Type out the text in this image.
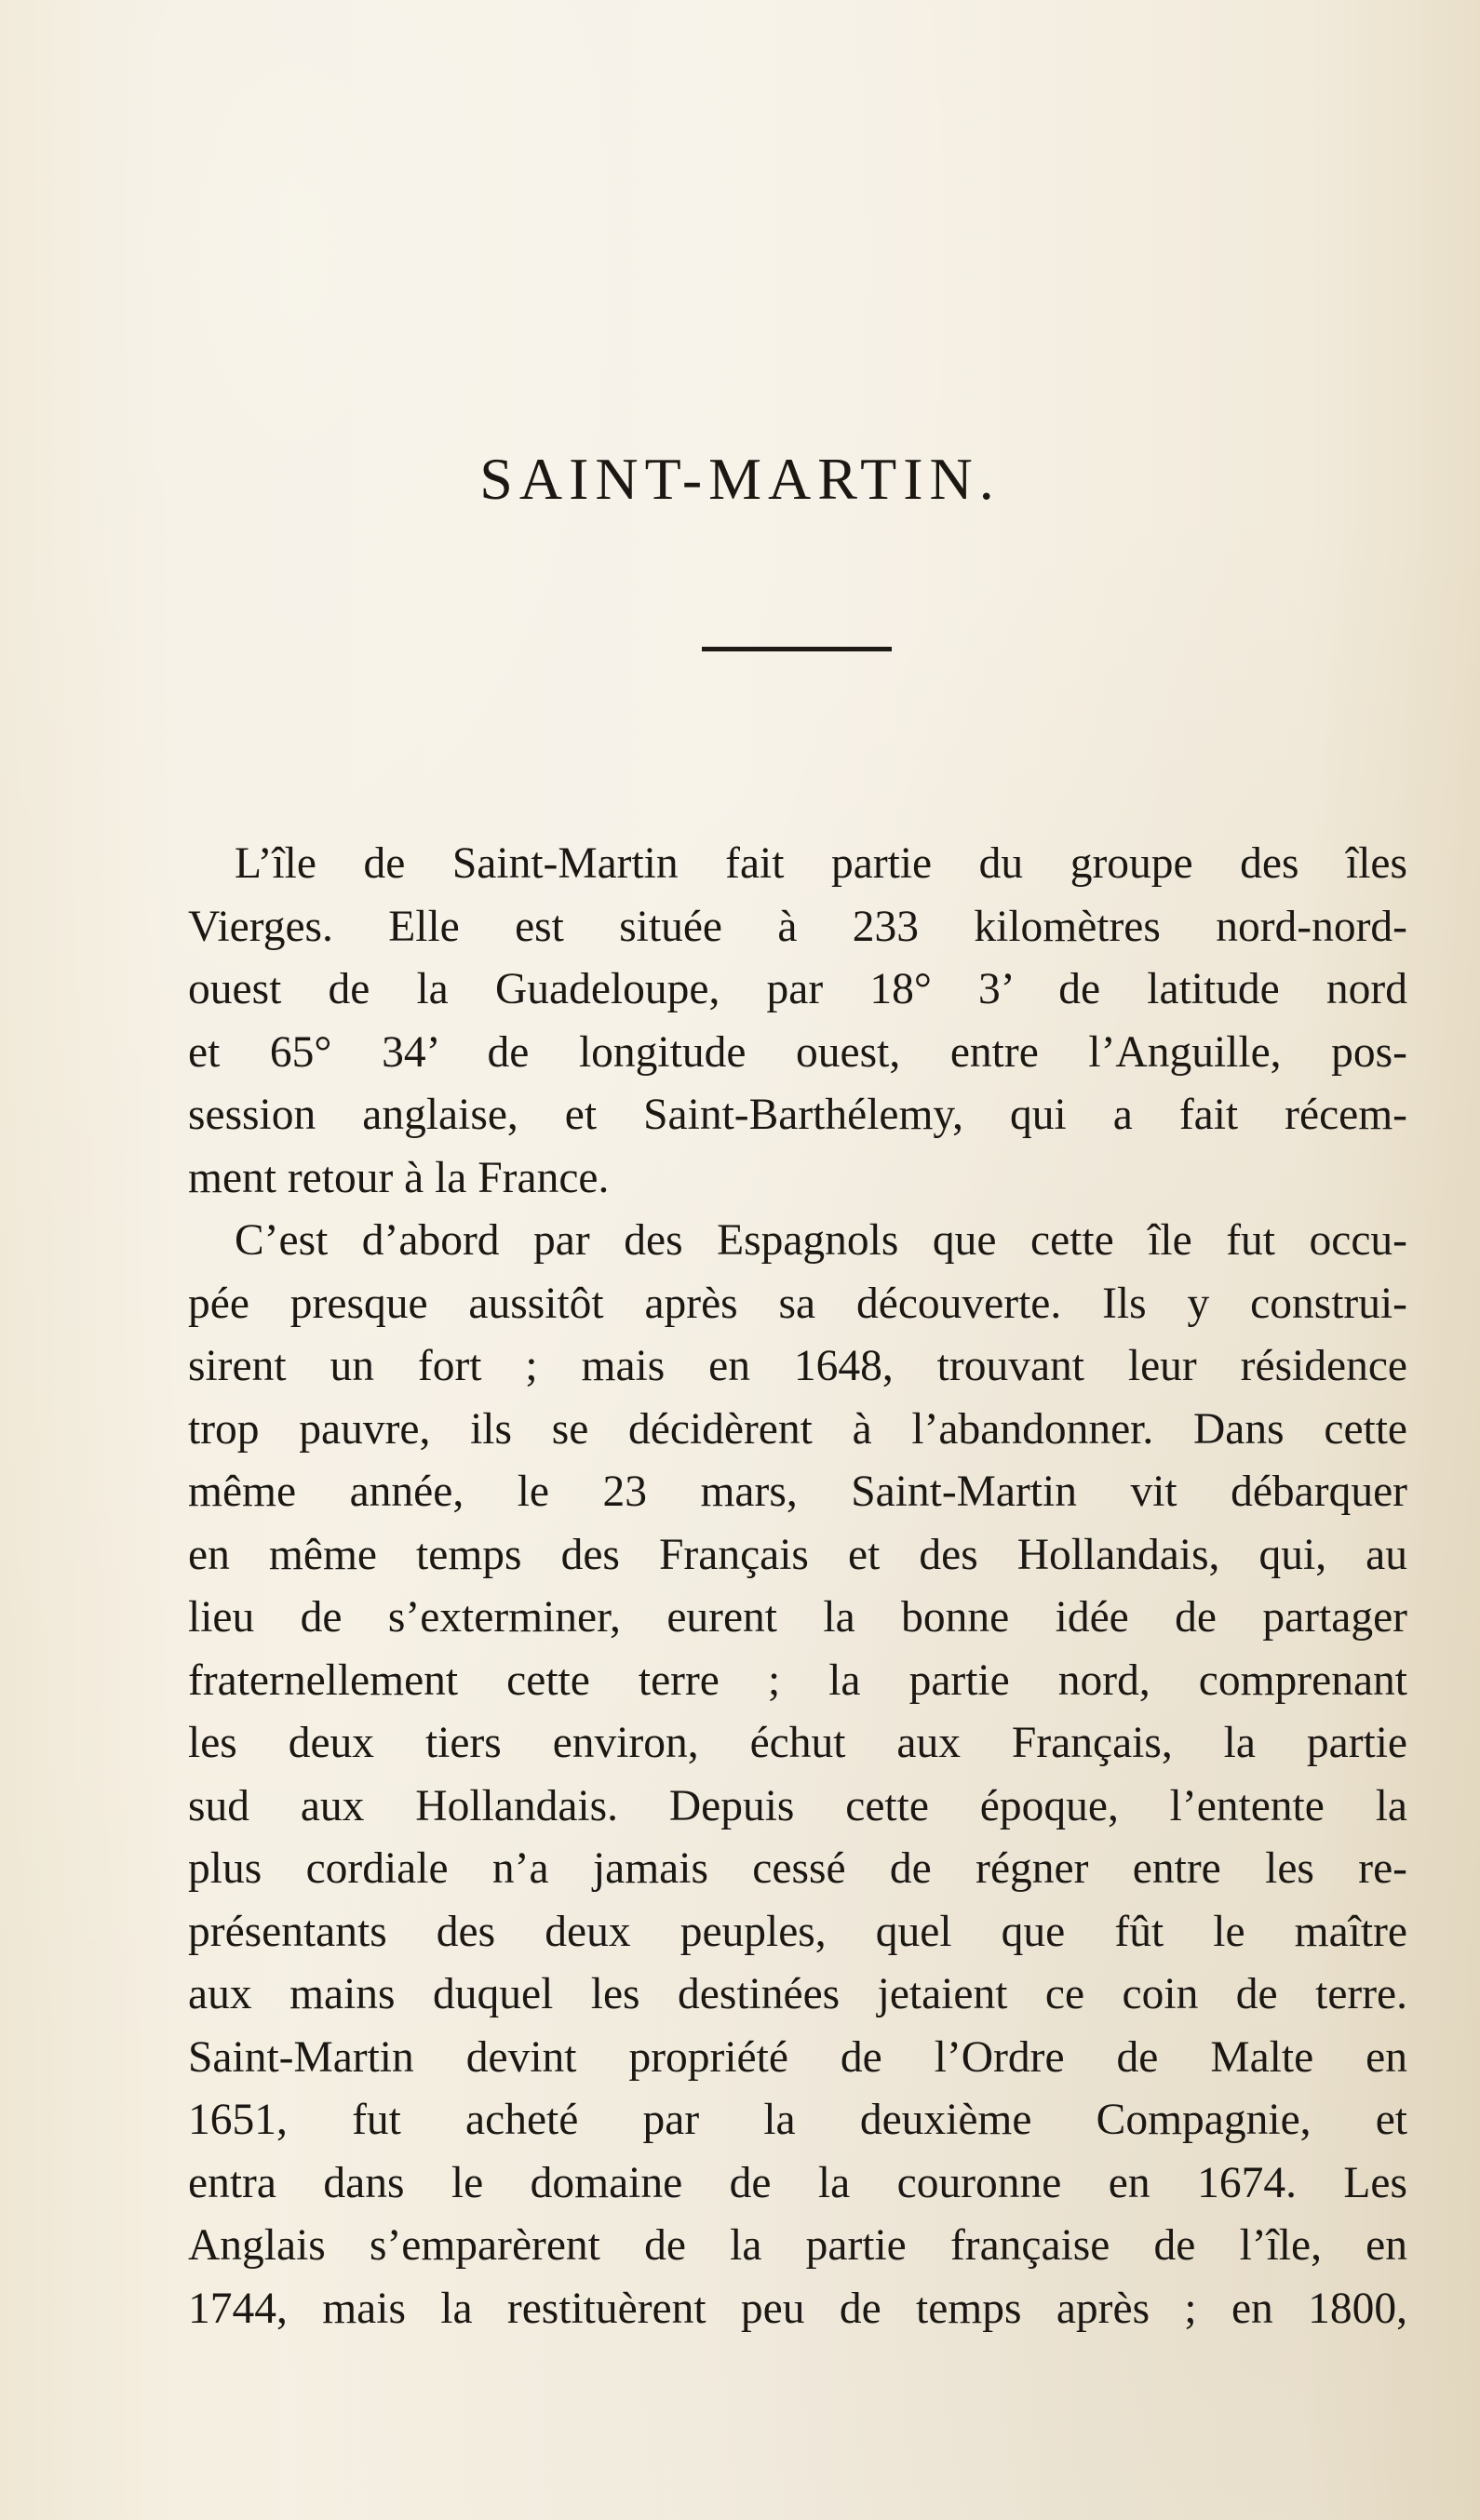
SAINT-MARTIN.
L’île de Saint-Martin fait partie du groupe des îles
Vierges. Elle est située à 233 kilomètres nord-nord-
ouest de la Guadeloupe, par 18° 3’ de latitude nord
et 65° 34’ de longitude ouest, entre l’Anguille, pos-
session anglaise, et Saint-Barthélemy, qui a fait récem-
ment retour à la France.
C’est d’abord par des Espagnols que cette île fut occu-
pée presque aussitôt après sa découverte. Ils y construi-
sirent un fort ; mais en 1648, trouvant leur résidence
trop pauvre, ils se décidèrent à l’abandonner. Dans cette
même année, le 23 mars, Saint-Martin vit débarquer
en même temps des Français et des Hollandais, qui, au
lieu de s’exterminer, eurent la bonne idée de partager
fraternellement cette terre ; la partie nord, comprenant
les deux tiers environ, échut aux Français, la partie
sud aux Hollandais. Depuis cette époque, l’entente la
plus cordiale n’a jamais cessé de régner entre les re-
présentants des deux peuples, quel que fût le maître
aux mains duquel les destinées jetaient ce coin de terre.
Saint-Martin devint propriété de l’Ordre de Malte en
1651, fut acheté par la deuxième Compagnie, et
entra dans le domaine de la couronne en 1674. Les
Anglais s’emparèrent de la partie française de l’île, en
1744, mais la restituèrent peu de temps après ; en 1800,
